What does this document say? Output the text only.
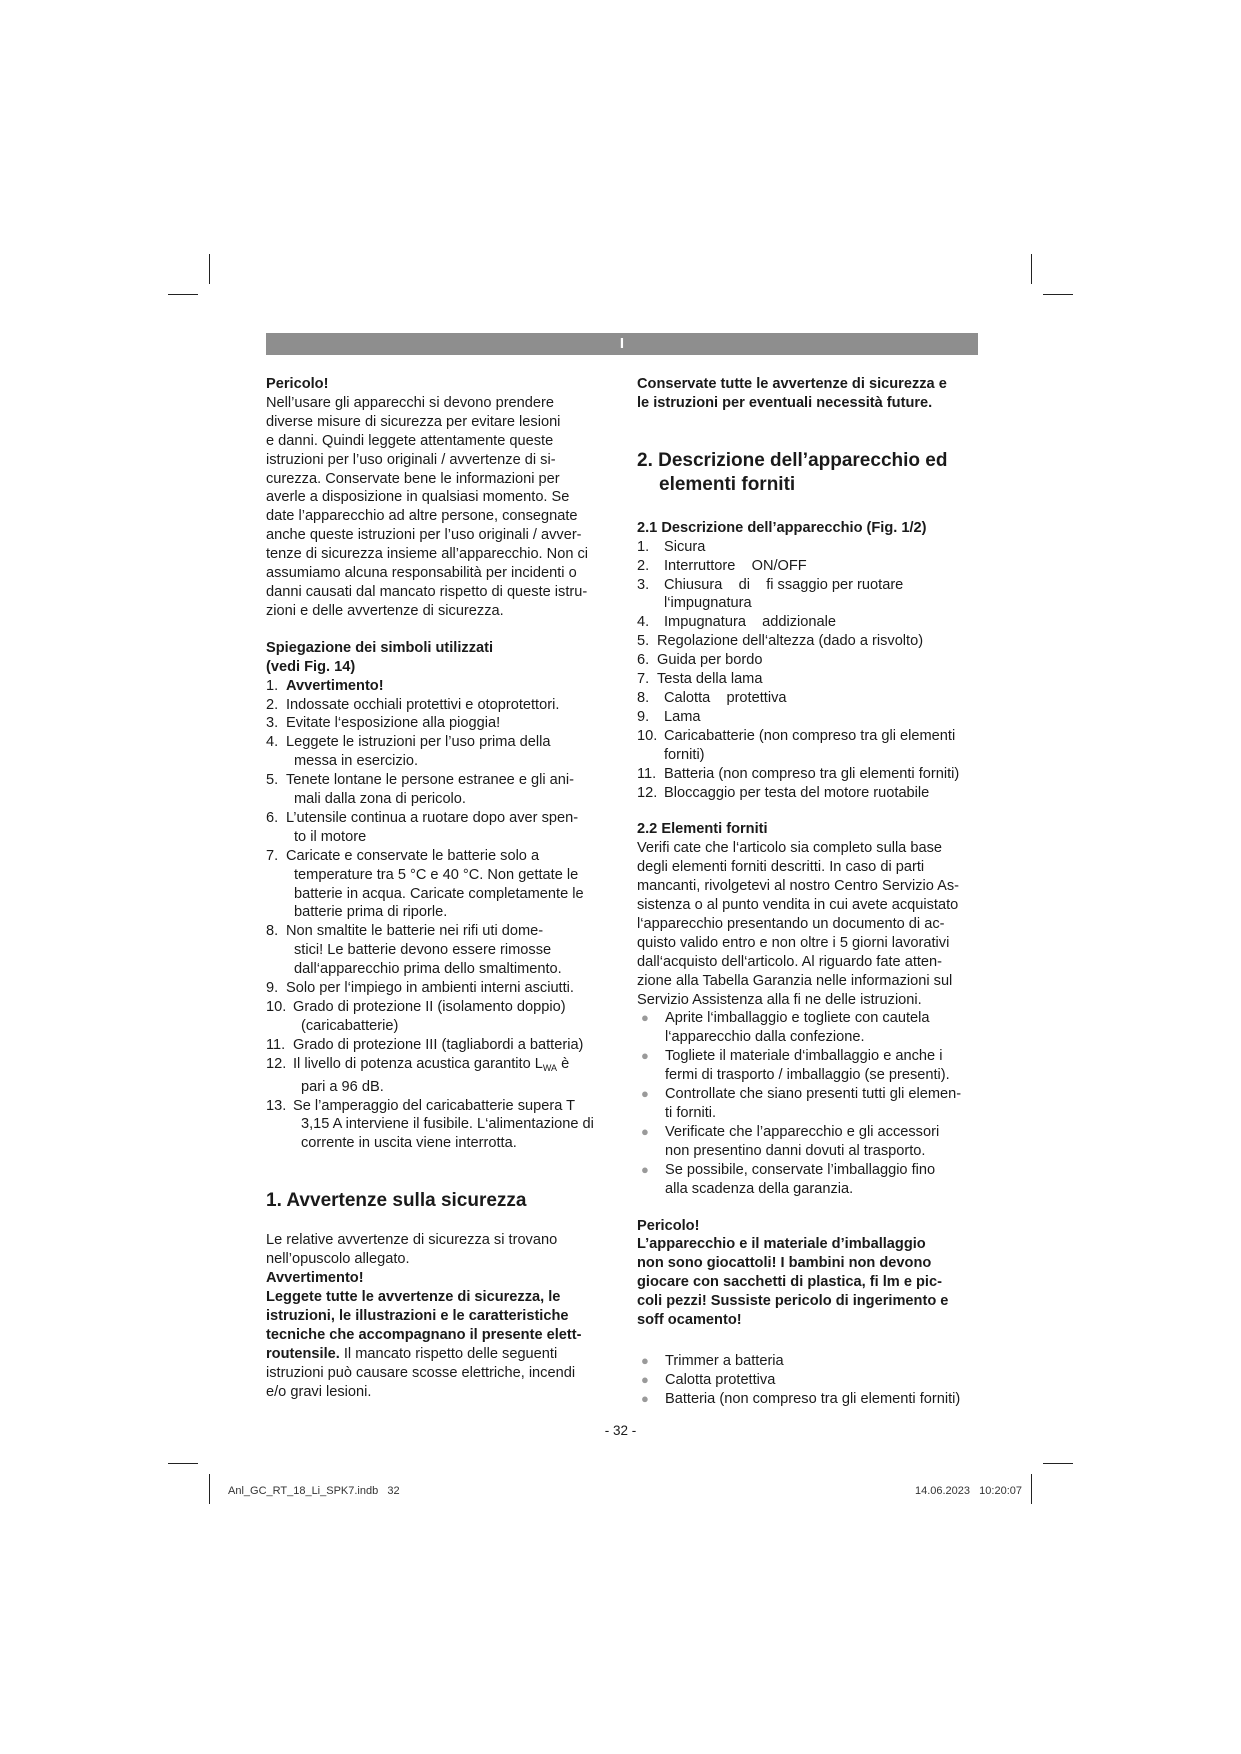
I

Pericolo!

Nell’usare gli apparecchi si devono prendere

diverse misure di sicurezza per evitare lesioni

e danni. Quindi leggete attentamente queste

istruzioni per l’uso originali / avvertenze di si-

curezza. Conservate bene le informazioni per

averle a disposizione in qualsiasi momento. Se

date l’apparecchio ad altre persone, consegnate

anche queste istruzioni per l’uso originali / avver-

tenze di sicurezza insieme all’apparecchio. Non ci

assumiamo alcuna responsabilità per incidenti o

danni causati dal mancato rispetto di queste istru-

zioni e delle avvertenze di sicurezza.

Spiegazione dei simboli utilizzati

(vedi Fig. 14)

1. Avvertimento!
2. Indossate occhiali protettivi e otoprotettori.
3. Evitate l‘esposizione alla pioggia!
4. Leggete le istruzioni per l’uso prima della
messa in esercizio.
5. Tenete lontane le persone estranee e gli ani-
mali dalla zona di pericolo.
6. L’utensile continua a ruotare dopo aver spen-
to il motore
7. Caricate e conservate le batterie solo a
temperature tra 5 °C e 40 °C. Non gettate le
batterie in acqua. Caricate completamente le
batterie prima di riporle.
8. Non smaltite le batterie nei rifi uti dome-
stici! Le batterie devono essere rimosse
dall‘apparecchio prima dello smaltimento.
9. Solo per l‘impiego in ambienti interni asciutti.
10. Grado di protezione II (isolamento doppio)
(caricabatterie)
11. Grado di protezione III (tagliabordi a batteria)
12. Il livello di potenza acustica garantito $L_{WA}$ è
pari a 96 dB.
13. Se l’amperaggio del caricabatterie supera T
3,15 A interviene il fusibile. L‘alimentazione di
corrente in uscita viene interrotta.

1. Avvertenze sulla sicurezza

Le relative avvertenze di sicurezza si trovano

nell’opuscolo allegato.

Avvertimento!

Leggete tutte le avvertenze di sicurezza, le

istruzioni, le illustrazioni e le caratteristiche

tecniche che accompagnano il presente elett-

routensile. Il mancato rispetto delle seguenti

istruzioni può causare scosse elettriche, incendi

e/o gravi lesioni.

Conservate tutte le avvertenze di sicurezza e

le istruzioni per eventuali necessità future.

2. Descrizione dell’apparecchio ed

elementi forniti

2.1 Descrizione dell’apparecchio (Fig. 1/2)

1. Sicura
2. Interruttore    ON/OFF
3. Chiusura    di    fi ssaggio per ruotare
l‘impugnatura
4. Impugnatura    addizionale
5. Regolazione dell‘altezza (dado a risvolto)
6. Guida per bordo
7. Testa della lama
8. Calotta    protettiva
9. Lama
10. Caricabatterie (non compreso tra gli elementi
forniti)
11. Batteria (non compreso tra gli elementi forniti)
12. Bloccaggio per testa del motore ruotabile

2.2 Elementi forniti

Verifi cate che l‘articolo sia completo sulla base

degli elementi forniti descritti. In caso di parti

mancanti, rivolgetevi al nostro Centro Servizio As-

sistenza o al punto vendita in cui avete acquistato

l‘apparecchio presentando un documento di ac-

quisto valido entro e non oltre i 5 giorni lavorativi

dall‘acquisto dell‘articolo. Al riguardo fate atten-

zione alla Tabella Garanzia nelle informazioni sul

Servizio Assistenza alla fi ne delle istruzioni.

● Aprite l‘imballaggio e togliete con cautela
l‘apparecchio dalla confezione.
● Togliete il materiale d‘imballaggio e anche i
fermi di trasporto / imballaggio (se presenti).
● Controllate che siano presenti tutti gli elemen-
ti forniti.
● Verificate che l’apparecchio e gli accessori
non presentino danni dovuti al trasporto.
● Se possibile, conservate l’imballaggio fino
alla scadenza della garanzia.

Pericolo!

L’apparecchio e il materiale d’imballaggio

non sono giocattoli! I bambini non devono

giocare con sacchetti di plastica, fi lm e pic-

coli pezzi! Sussiste pericolo di ingerimento e

soff ocamento!

● Trimmer a batteria
● Calotta protettiva
● Batteria (non compreso tra gli elementi forniti)
- 32 -
Anl_GC_RT_18_Li_SPK7.indb   32	14.06.2023   10:20:07
